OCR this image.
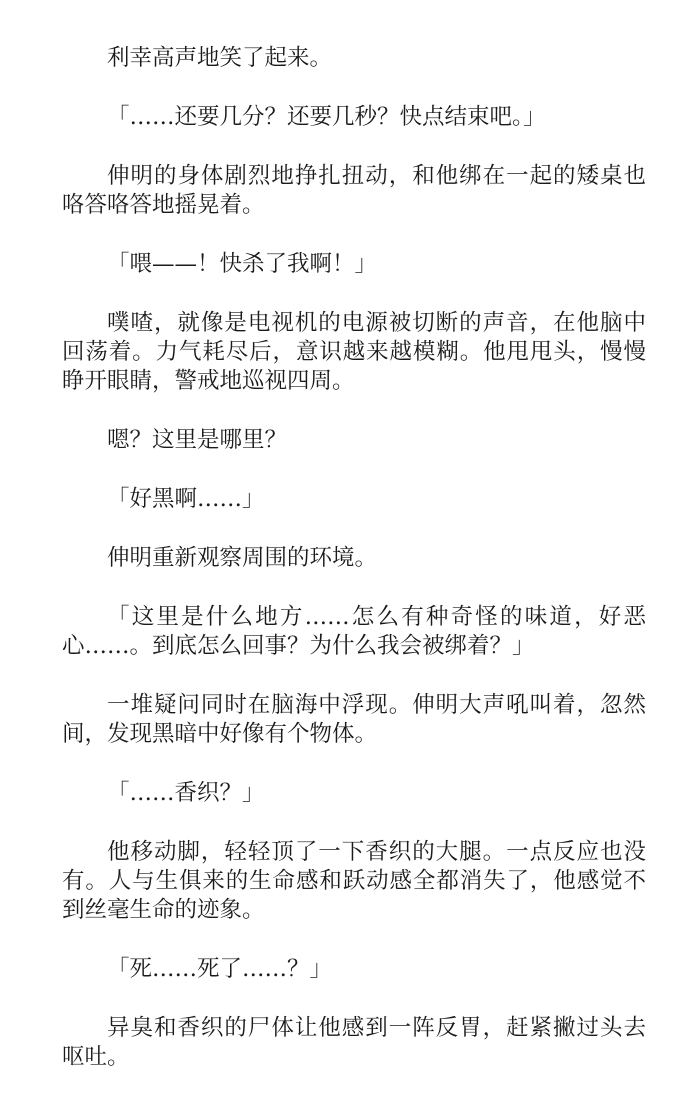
利幸高声地笑了起来。

「……还要几分？还要几秒？快点结束吧。」

伸明的身体剧烈地挣扎扭动，和他绑在一起的矮桌也咯答咯答地摇晃着。

「喂——！快杀了我啊！」

噗喳，就像是电视机的电源被切断的声音，在他脑中回荡着。力气耗尽后，意识越来越模糊。他甩甩头，慢慢睁开眼睛，警戒地巡视四周。

嗯？这里是哪里？

「好黑啊……」

伸明重新观察周围的环境。

「这里是什么地方……怎么有种奇怪的味道，好恶心……。到底怎么回事？为什么我会被绑着？」

一堆疑问同时在脑海中浮现。伸明大声吼叫着，忽然间，发现黑暗中好像有个物体。

「……香织？」

他移动脚，轻轻顶了一下香织的大腿。一点反应也没有。人与生俱来的生命感和跃动感全都消失了，他感觉不到丝毫生命的迹象。

「死……死了……？」

异臭和香织的尸体让他感到一阵反胃，赶紧撇过头去呕吐。
